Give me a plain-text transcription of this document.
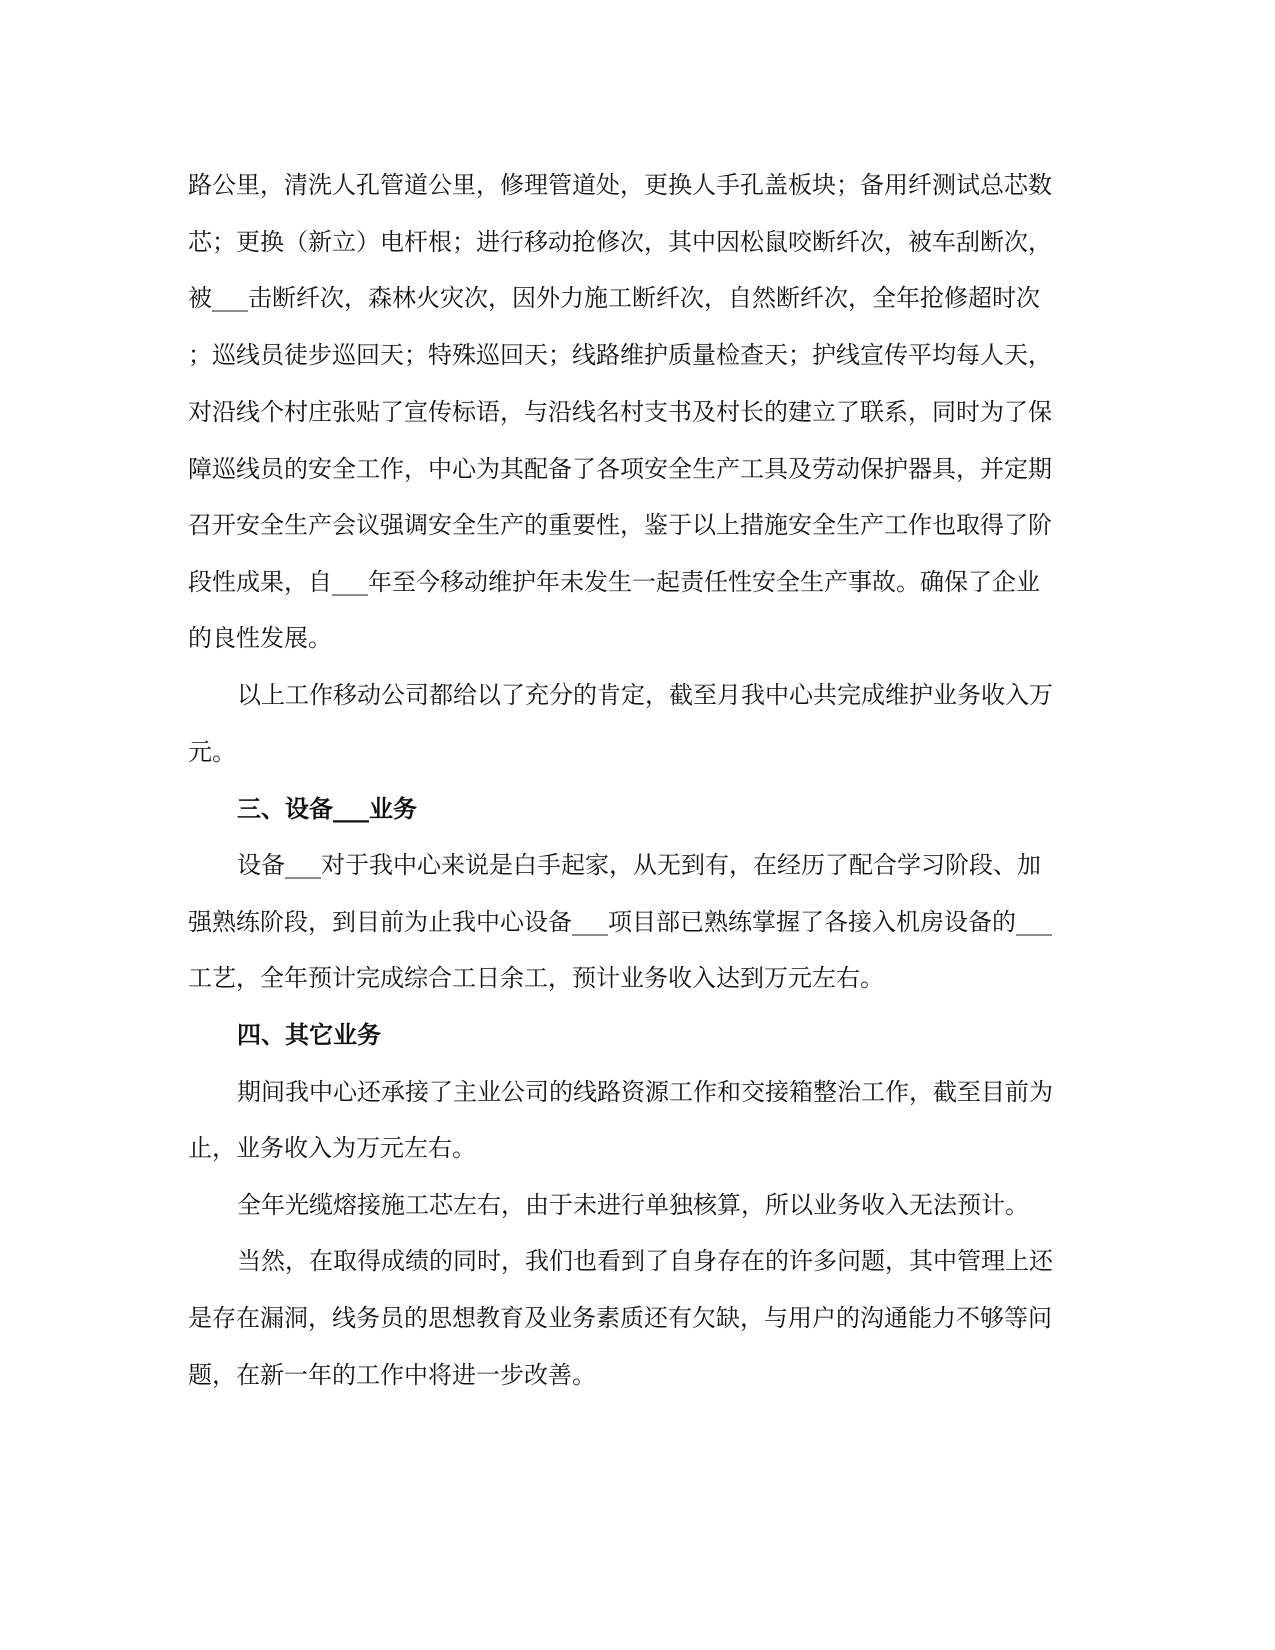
路公里，清洗人孔管道公里，修理管道处，更换人手孔盖板块；备用纤测试总芯数
芯；更换（新立）电杆根；进行移动抢修次，其中因松鼠咬断纤次，被车刮断次，
被___击断纤次，森林火灾次，因外力施工断纤次，自然断纤次，全年抢修超时次
；巡线员徒步巡回天；特殊巡回天；线路维护质量检查天；护线宣传平均每人天，
对沿线个村庄张贴了宣传标语，与沿线名村支书及村长的建立了联系，同时为了保
障巡线员的安全工作，中心为其配备了各项安全生产工具及劳动保护器具，并定期
召开安全生产会议强调安全生产的重要性，鉴于以上措施安全生产工作也取得了阶
段性成果，自___年至今移动维护年未发生一起责任性安全生产事故。确保了企业
的良性发展。
以上工作移动公司都给以了充分的肯定，截至月我中心共完成维护业务收入万
元。
三、设备___业务
设备___对于我中心来说是白手起家，从无到有，在经历了配合学习阶段、加
强熟练阶段，到目前为止我中心设备___项目部已熟练掌握了各接入机房设备的___
工艺，全年预计完成综合工日余工，预计业务收入达到万元左右。
四、其它业务
期间我中心还承接了主业公司的线路资源工作和交接箱整治工作，截至目前为
止，业务收入为万元左右。
全年光缆熔接施工芯左右，由于未进行单独核算，所以业务收入无法预计。
当然，在取得成绩的同时，我们也看到了自身存在的许多问题，其中管理上还
是存在漏洞，线务员的思想教育及业务素质还有欠缺，与用户的沟通能力不够等问
题，在新一年的工作中将进一步改善。
